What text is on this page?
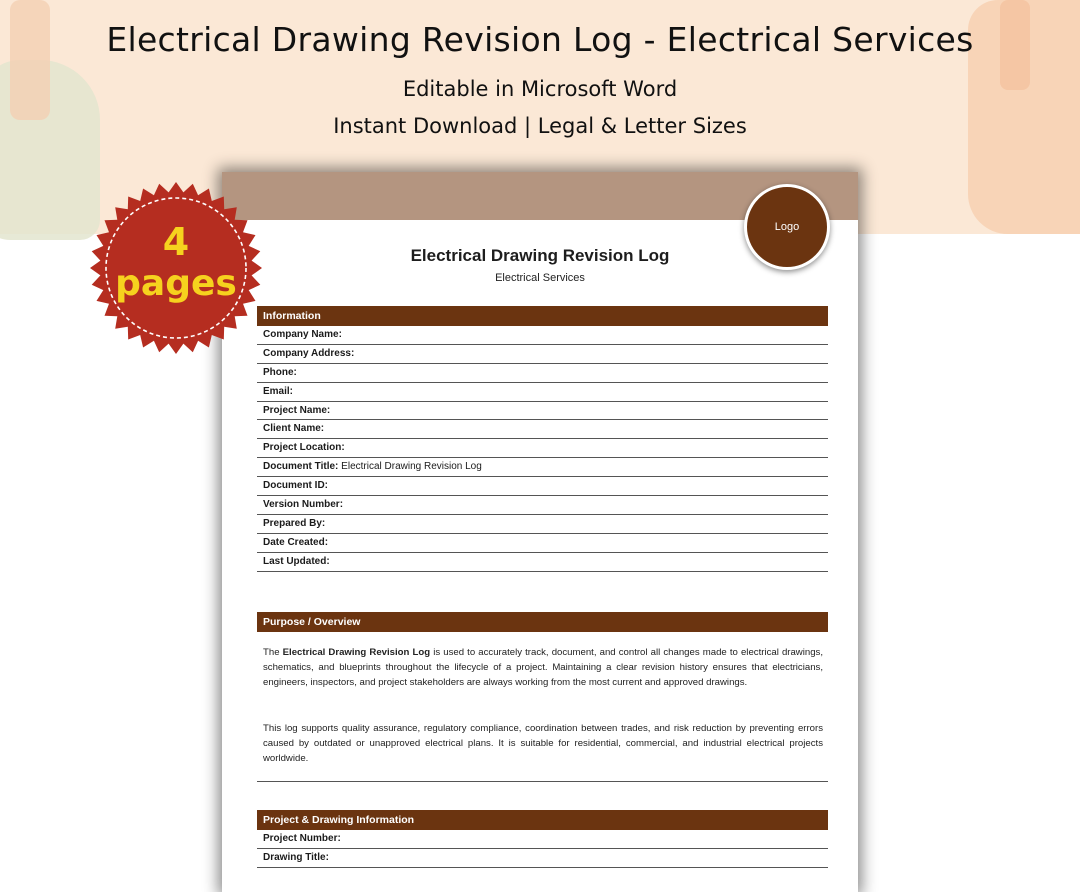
Electrical Drawing Revision Log - Electrical Services
Editable in Microsoft Word
Instant Download | Legal & Letter Sizes
Logo
Electrical Drawing Revision Log
Electrical Services
Information
Company Name:
Company Address:
Phone:
Email:
Project Name:
Client Name:
Project Location:
Document Title: Electrical Drawing Revision Log
Document ID:
Version Number:
Prepared By:
Date Created:
Last Updated:
Purpose / Overview
The Electrical Drawing Revision Log is used to accurately track, document, and control all changes made to electrical drawings, schematics, and blueprints throughout the lifecycle of a project. Maintaining a clear revision history ensures that electricians, engineers, inspectors, and project stakeholders are always working from the most current and approved drawings.
This log supports quality assurance, regulatory compliance, coordination between trades, and risk reduction by preventing errors caused by outdated or unapproved electrical plans. It is suitable for residential, commercial, and industrial electrical projects worldwide.
Project & Drawing Information
Project Number:
Drawing Title:
4
pages
